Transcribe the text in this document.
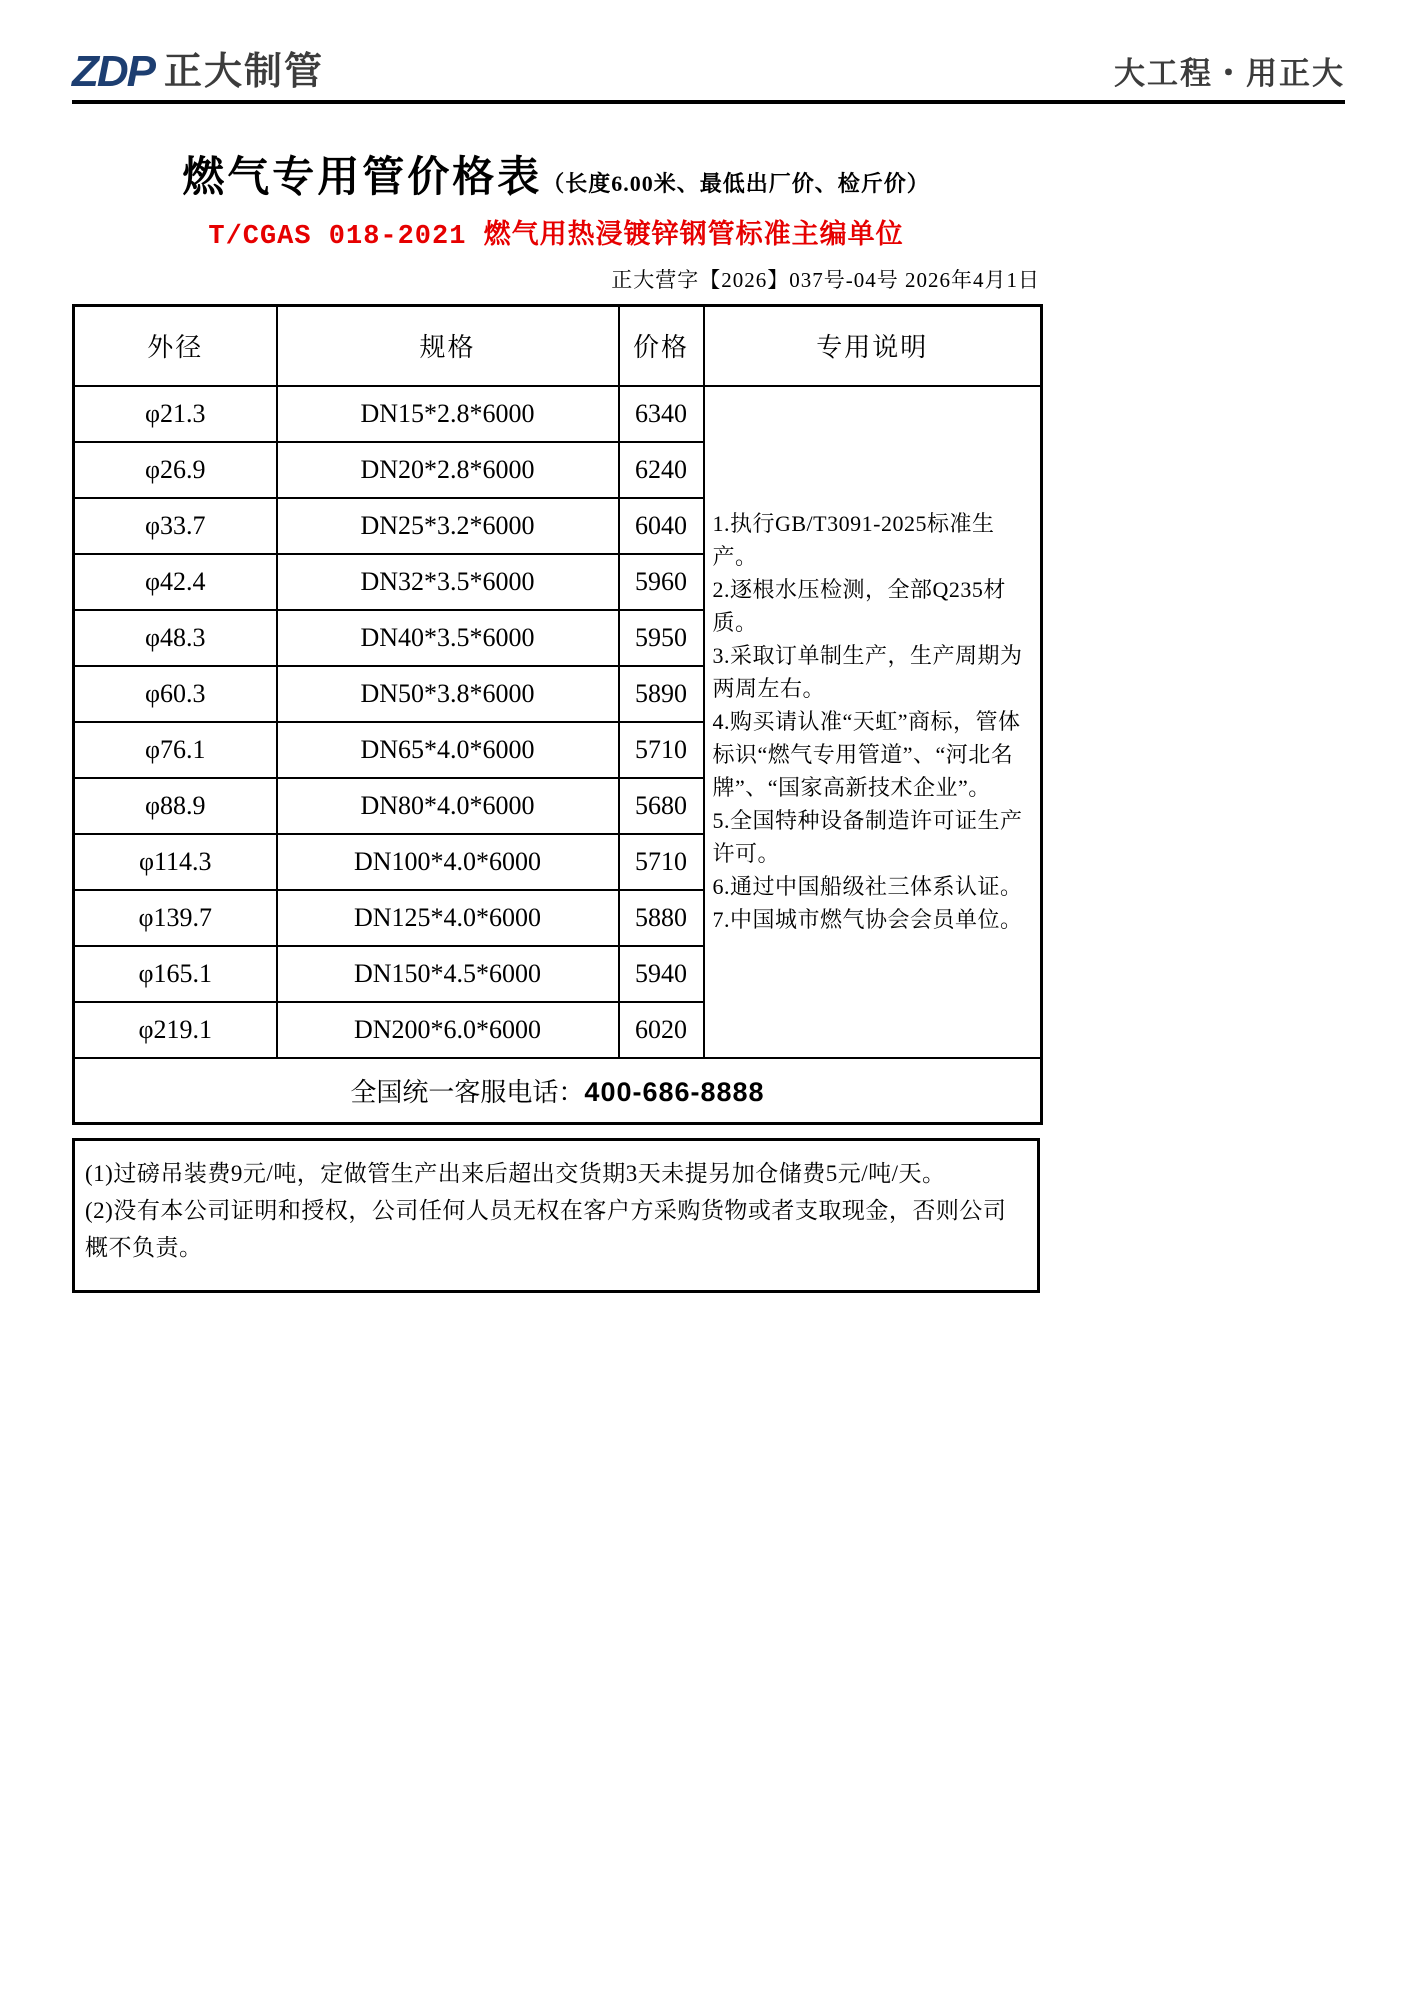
ZDP 正大制管	大工程・用正大
燃气专用管价格表（长度6.00米、最低出厂价、检斤价）
T/CGAS 018-2021 燃气用热浸镀锌钢管标准主编单位
正大营字【2026】037号-04号 2026年4月1日
外径	规格	价格	专用说明
φ21.3	DN15*2.8*6000	6340	
1.执行GB/T3091-2025标准生产。
2.逐根水压检测，全部Q235材质。
3.采取订单制生产，生产周期为两周左右。
4.购买请认准“天虹”商标，管体标识“燃气专用管道”、“河北名牌”、“国家高新技术企业”。
5.全国特种设备制造许可证生产许可。
6.通过中国船级社三体系认证。
7.中国城市燃气协会会员单位。

φ26.9	DN20*2.8*6000	6240	
φ33.7	DN25*3.2*6000	6040	
φ42.4	DN32*3.5*6000	5960	
φ48.3	DN40*3.5*6000	5950	
φ60.3	DN50*3.8*6000	5890	
φ76.1	DN65*4.0*6000	5710	
φ88.9	DN80*4.0*6000	5680	
φ114.3	DN100*4.0*6000	5710	
φ139.7	DN125*4.0*6000	5880	
φ165.1	DN150*4.5*6000	5940	
φ219.1	DN200*6.0*6000	6020	
全国统一客服电话：400-686-8888			
(1)过磅吊装费9元/吨，定做管生产出来后超出交货期3天未提另加仓储费5元/吨/天。
(2)没有本公司证明和授权，公司任何人员无权在客户方采购货物或者支取现金，否则公司概不负责。
